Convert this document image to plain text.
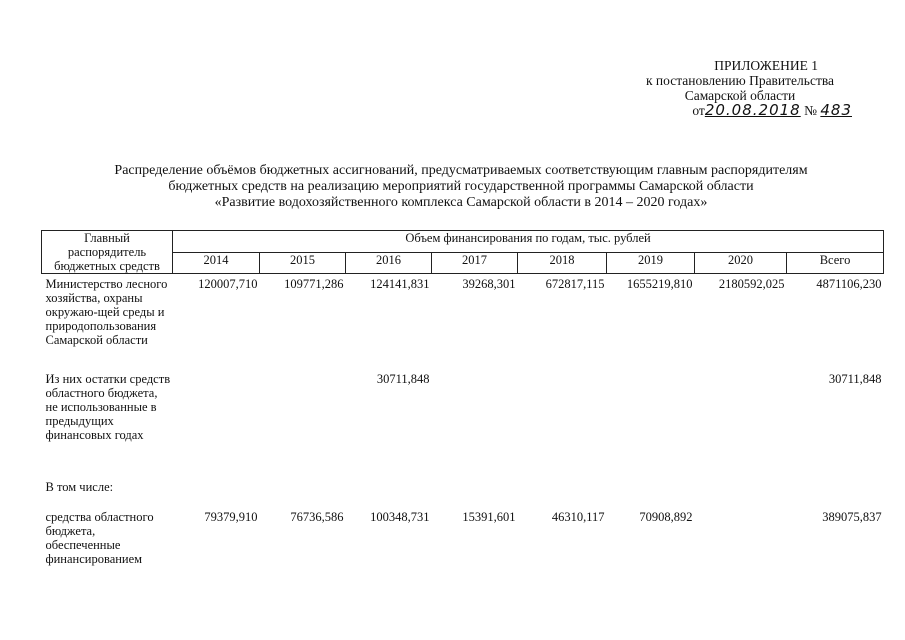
ПРИЛОЖЕНИЕ 1
к постановлению Правительства
Самарской области
от20.08.2018 № 483
Распределение объёмов бюджетных ассигнований, предусматриваемых соответствующим главным распорядителям
бюджетных средств на реализацию мероприятий государственной программы Самарской области
«Развитие водохозяйственного комплекса Самарской области в 2014 – 2020 годах»
Главный распорядитель бюджетных средств	Объем финансирования по годам, тыс. рублей							
	2014	2015	2016	2017	2018	2019	2020	Всего
Министерство лесного хозяйства, охраны окружаю-щей среды и природопользования Самарской области	120007,710	109771,286	124141,831	39268,301	672817,115	1655219,810	2180592,025	4871106,230
Из них остатки средств областного бюджета, не использованные в предыдущих финансовых годах			30711,848					30711,848
В том числе:								
средства областного бюджета, обеспеченные финансированием	79379,910	76736,586	100348,731	15391,601	46310,117	70908,892		389075,837
